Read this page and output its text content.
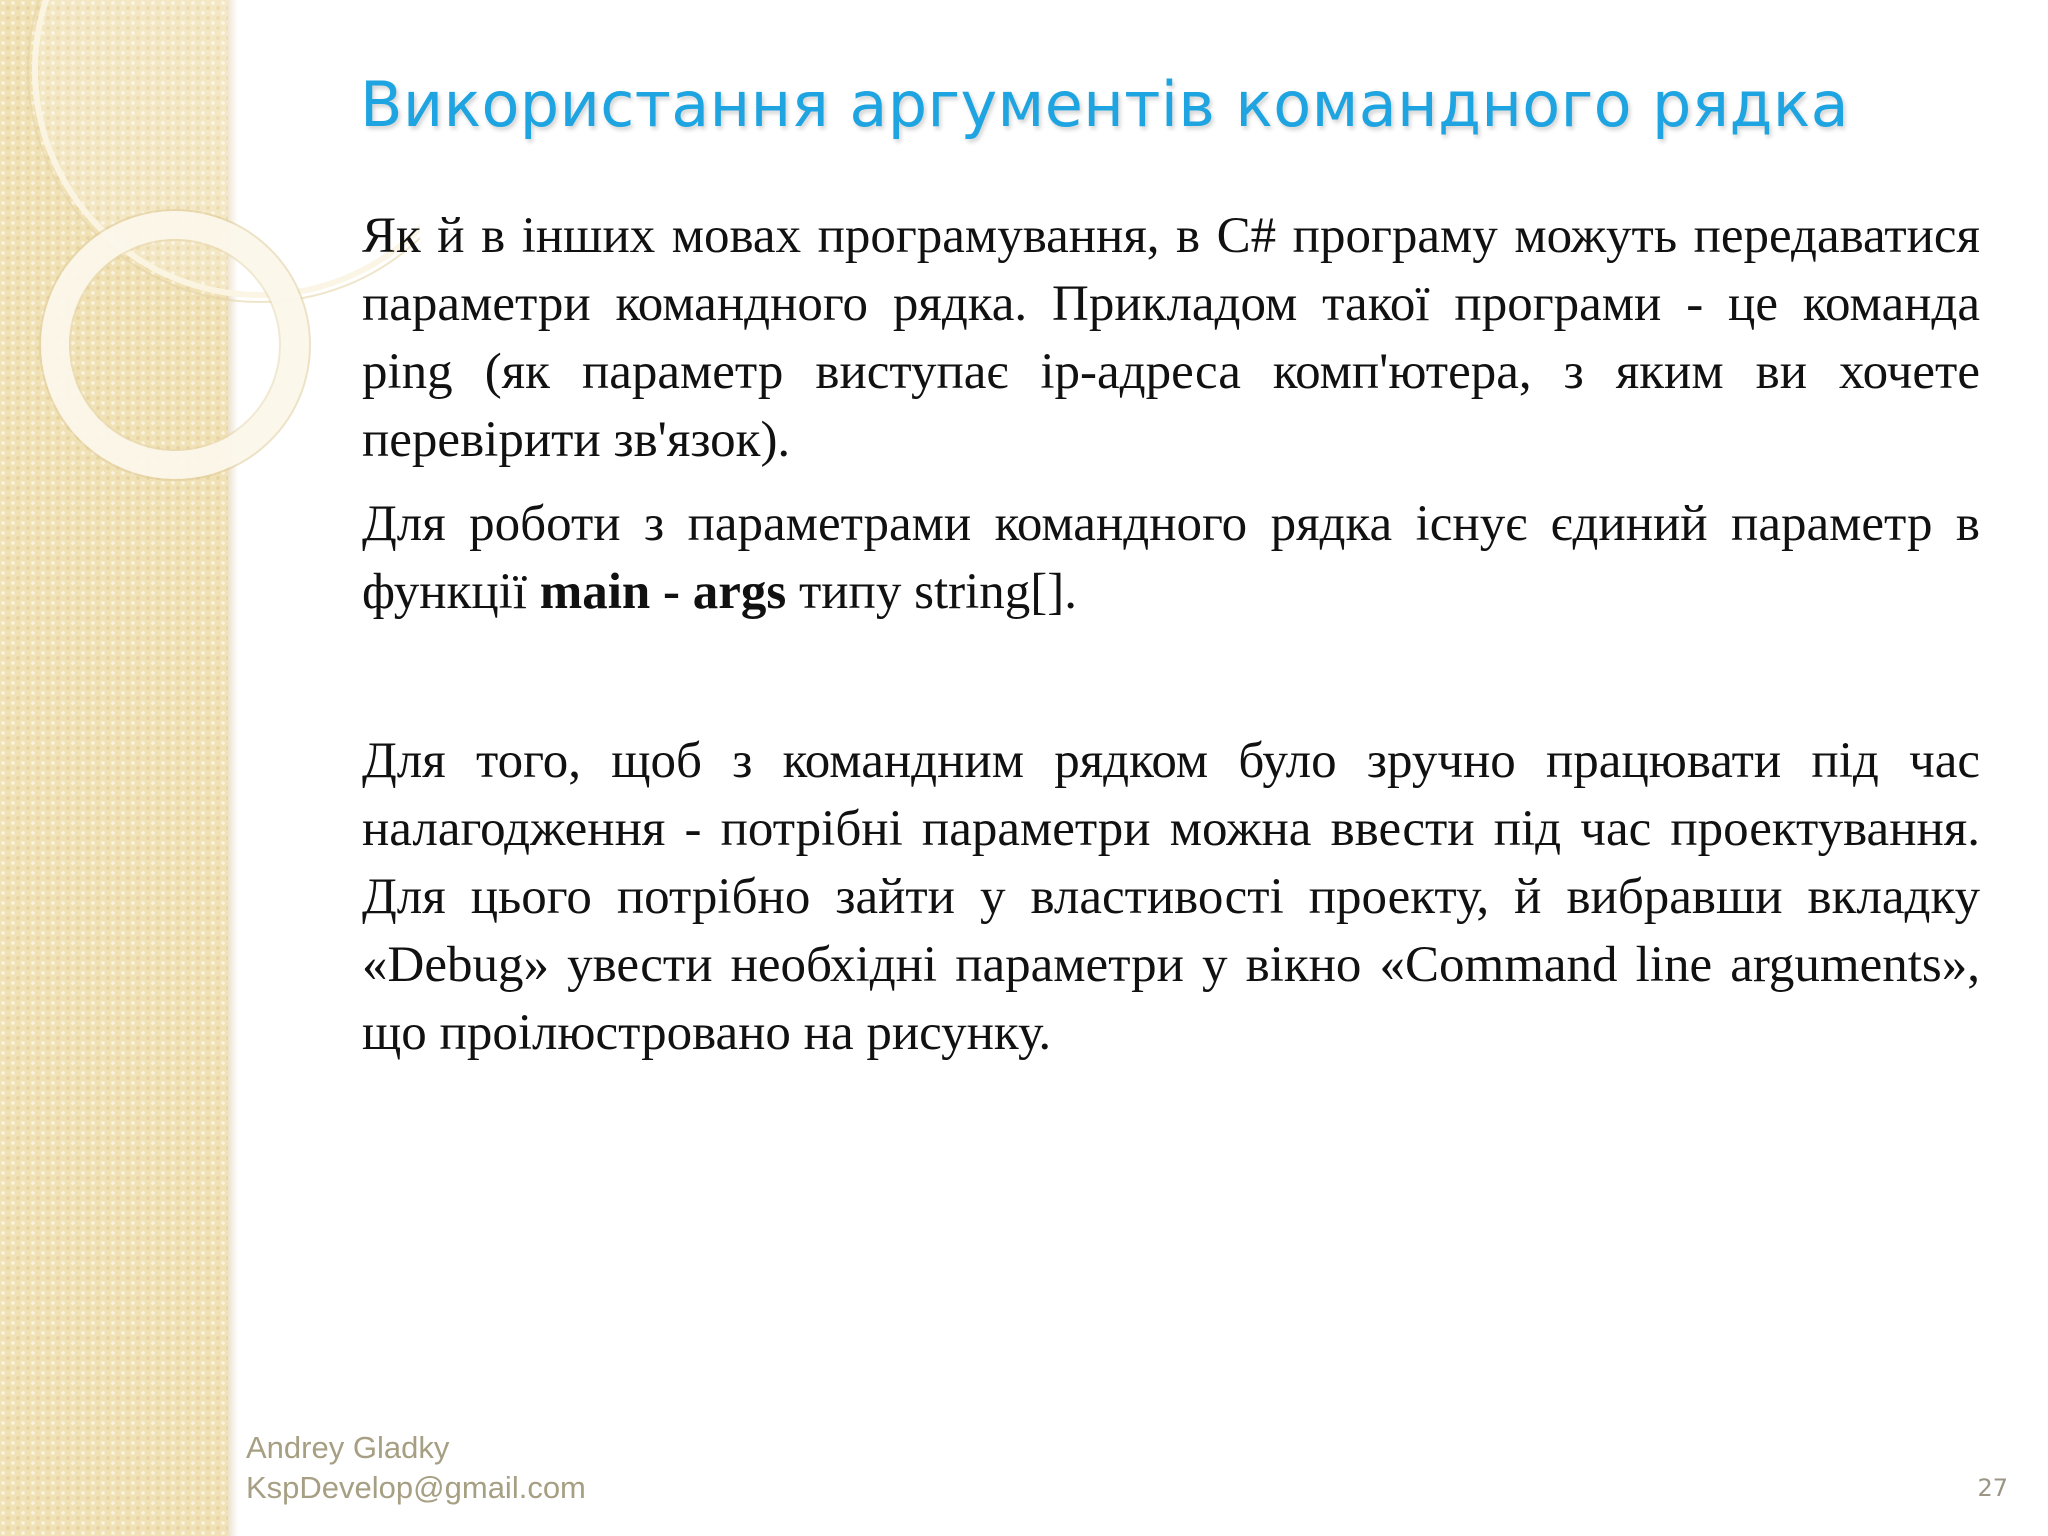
Використання аргументів командного рядка

Як й в інших мовах програмування, в C# програму можуть передаватися параметри командного рядка. Прикладом такої програми - це команда ping (як параметр виступає ip-адреса комп'ютера, з яким ви хочете перевірити зв'язок).

Для роботи з параметрами командного рядка існує єдиний параметр в функції main - args типу string[].

Для того, щоб з командним рядком було зручно працювати під час налагодження - потрібні параметри можна ввести під час проектування. Для цього потрібно зайти у властивості проекту, й вибравши вкладку «Debug» увести необхідні параметри у вікно «Command line arguments», що проілюстровано на рисунку.

Andrey Gladky
KspDevelop@gmail.com	27
